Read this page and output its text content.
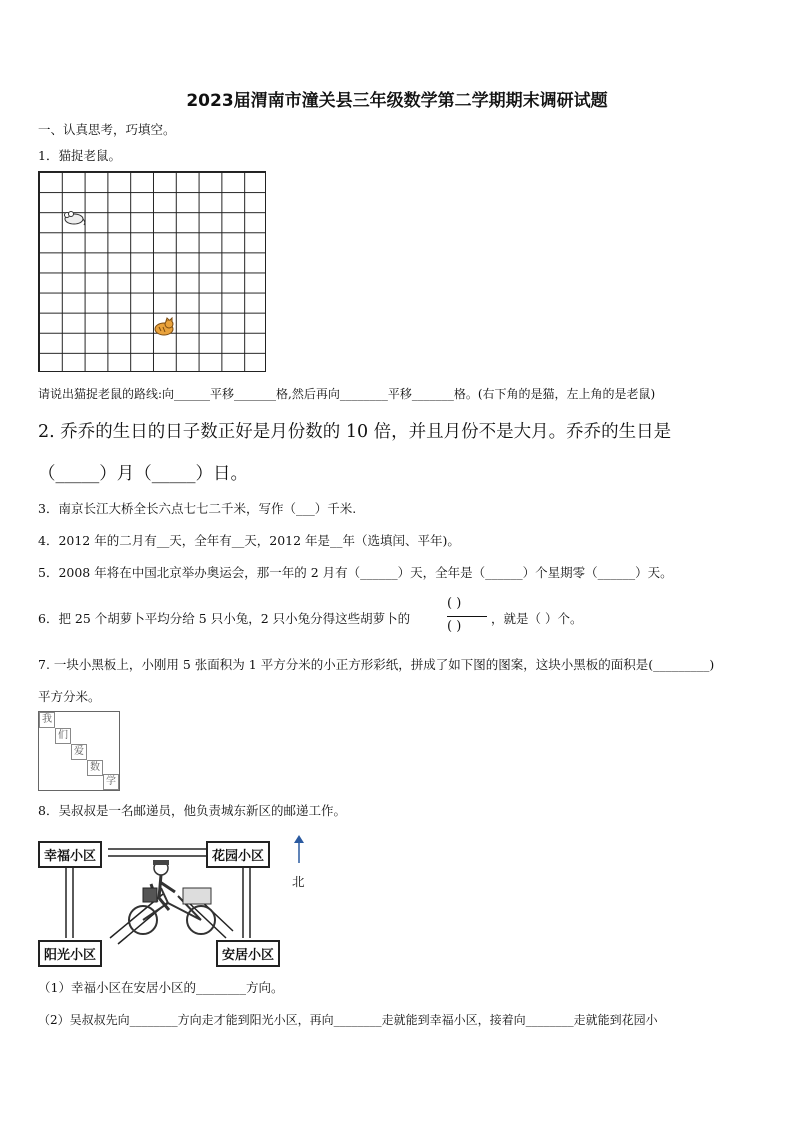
2023届渭南市潼关县三年级数学第二学期期末调研试题
一、认真思考，巧填空。
1．猫捉老鼠。
请说出猫捉老鼠的路线:向______平移_______格,然后再向________平移_______格。(右下角的是猫，左上角的是老鼠)
2. 乔乔的生日的日子数正好是月份数的 10 倍，并且月份不是大月。乔乔的生日是
（_____）月（_____）日。
3．南京长江大桥全长六点七七二千米，写作（___）千米.
4．2012 年的二月有__天，全年有__天，2012 年是__年（选填闰、平年)。
5．2008 年将在中国北京举办奥运会，那一年的 2 月有（______）天，全年是（______）个星期零（______）天。
6．把 25 个胡萝卜平均分给 5 只小兔，2 只小兔分得这些胡萝卜的
( )
( )
，就是（ ）个。
7. 一块小黑板上，小刚用 5 张面积为 1 平方分米的小正方形彩纸，拼成了如下图的图案，这块小黑板的面积是(_________)
平方分米。
我
们
爱
数
学
8．吴叔叔是一名邮递员，他负责城东新区的邮递工作。
幸福小区	花园小区
阳光小区	安居小区
北
（1）幸福小区在安居小区的________方向。
（2）吴叔叔先向________方向走才能到阳光小区，再向________走就能到幸福小区，接着向________走就能到花园小
